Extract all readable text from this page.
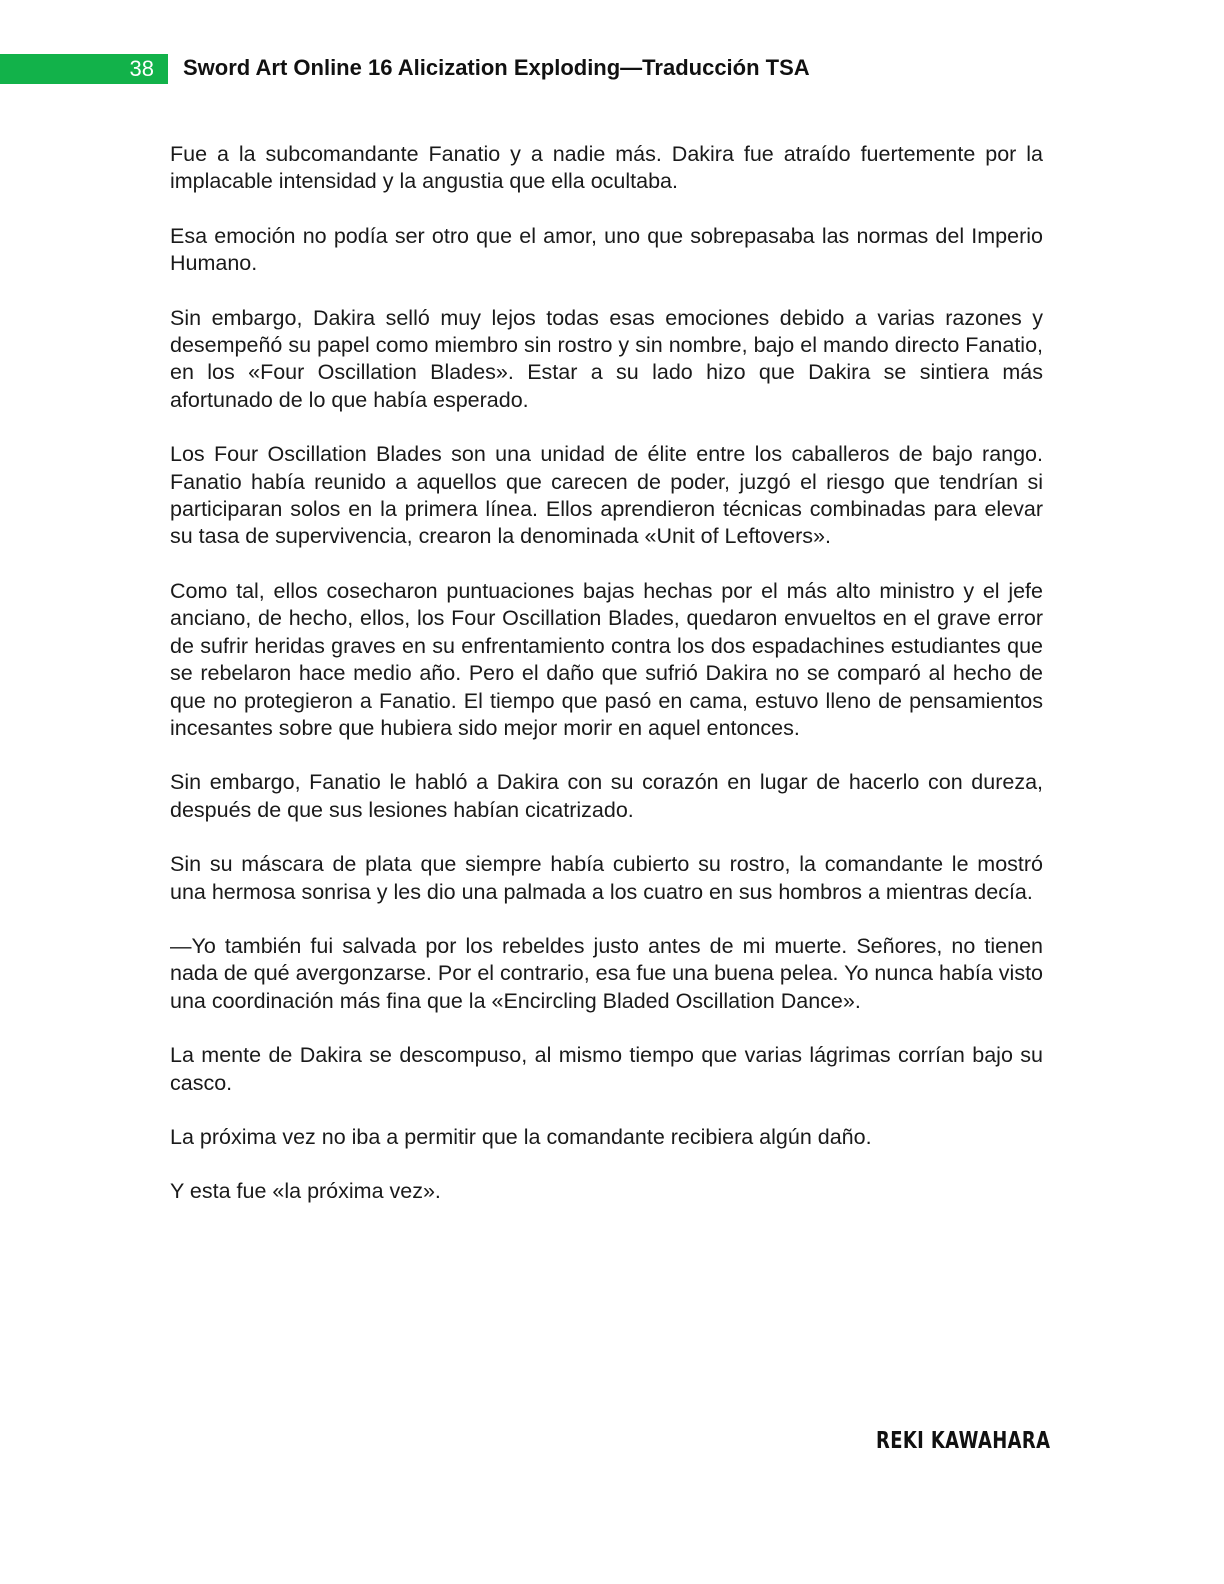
38 Sword Art Online 16 Alicization Exploding—Traducción TSA

Fue a la subcomandante Fanatio y a nadie más. Dakira fue atraído fuertemente por la implacable intensidad y la angustia que ella ocultaba.

Esa emoción no podía ser otro que el amor, uno que sobrepasaba las normas del Imperio Humano.

Sin embargo, Dakira selló muy lejos todas esas emociones debido a varias razones y desempeñó su papel como miembro sin rostro y sin nombre, bajo el mando directo Fanatio, en los «Four Oscillation Blades». Estar a su lado hizo que Dakira se sintiera más afortunado de lo que había esperado.

Los Four Oscillation Blades son una unidad de élite entre los caballeros de bajo rango. Fanatio había reunido a aquellos que carecen de poder, juzgó el riesgo que tendrían si participaran solos en la primera línea. Ellos aprendieron técnicas combinadas para elevar su tasa de supervivencia, crearon la denominada «Unit of Leftovers».

Como tal, ellos cosecharon puntuaciones bajas hechas por el más alto ministro y el jefe anciano, de hecho, ellos, los Four Oscillation Blades, quedaron envueltos en el grave error de sufrir heridas graves en su enfrentamiento contra los dos espadachines estudiantes que se rebelaron hace medio año. Pero el daño que sufrió Dakira no se comparó al hecho de que no protegieron a Fanatio. El tiempo que pasó en cama, estuvo lleno de pensamientos incesantes sobre que hubiera sido mejor morir en aquel entonces.

Sin embargo, Fanatio le habló a Dakira con su corazón en lugar de hacerlo con dureza, después de que sus lesiones habían cicatrizado.

Sin su máscara de plata que siempre había cubierto su rostro, la comandante le mostró una hermosa sonrisa y les dio una palmada a los cuatro en sus hombros a mientras decía.

—Yo también fui salvada por los rebeldes justo antes de mi muerte. Señores, no tienen nada de qué avergonzarse. Por el contrario, esa fue una buena pelea. Yo nunca había visto una coordinación más fina que la «Encircling Bladed Oscillation Dance».

La mente de Dakira se descompuso, al mismo tiempo que varias lágrimas corrían bajo su casco.

La próxima vez no iba a permitir que la comandante recibiera algún daño.

Y esta fue «la próxima vez».

REKI KAWAHARA
